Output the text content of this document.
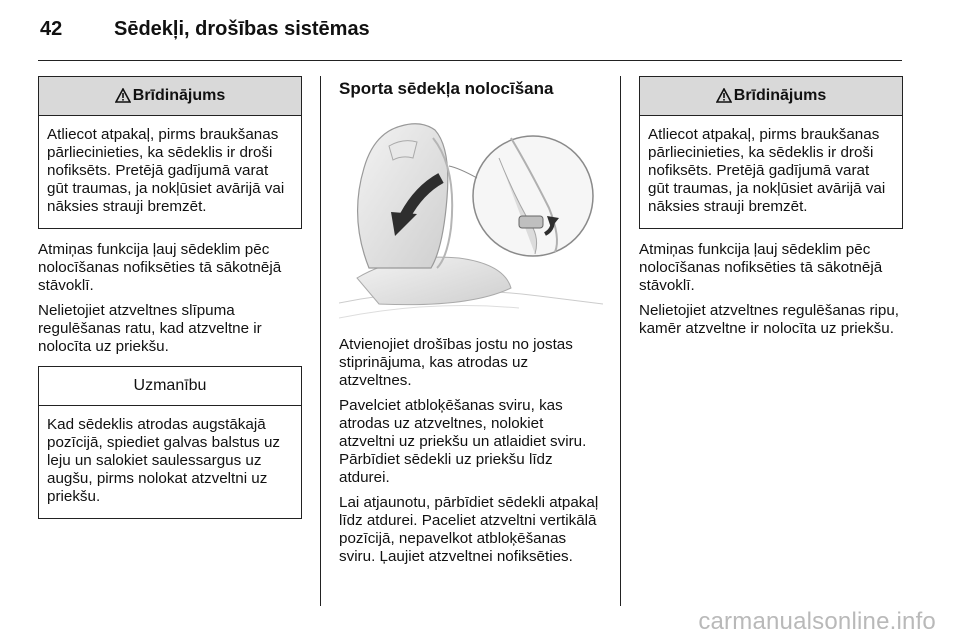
42	Sēdekļi, drošības sistēmas
Brīdinājums
Atliecot atpakaļ, pirms braukšanas pārliecinieties, ka sēdeklis ir droši nofiksēts. Pretējā gadījumā varat gūt traumas, ja nokļūsiet avārijā vai nāksies strauji bremzēt.

Atmiņas funkcija ļauj sēdeklim pēc nolocīšanas nofiksēties tā sākotnējā stāvoklī.

Nelietojiet atzveltnes slīpuma regulēšanas ratu, kad atzveltne ir nolocīta uz priekšu.

Uzmanību
Kad sēdeklis atrodas augstākajā pozīcijā, spiediet galvas balstus uz leju un salokiet saulessargus uz augšu, pirms nolokat atzveltni uz priekšu.
Sporta sēdekļa nolocīšana

Atvienojiet drošības jostu no jostas stiprinājuma, kas atrodas uz atzveltnes.

Pavelciet atbloķēšanas sviru, kas atrodas uz atzveltnes, nolokiet atzveltni uz priekšu un atlaidiet sviru. Pārbīdiet sēdekli uz priekšu līdz atdurei.

Lai atjaunotu, pārbīdiet sēdekli atpakaļ līdz atdurei. Paceliet atzveltni vertikālā pozīcijā, nepavelkot atbloķēšanas sviru. Ļaujiet atzveltnei nofiksēties.

Brīdinājums
Atliecot atpakaļ, pirms braukšanas pārliecinieties, ka sēdeklis ir droši nofiksēts. Pretējā gadījumā varat gūt traumas, ja nokļūsiet avārijā vai nāksies strauji bremzēt.

Atmiņas funkcija ļauj sēdeklim pēc nolocīšanas nofiksēties tā sākotnējā stāvoklī.

Nelietojiet atzveltnes regulēšanas ripu, kamēr atzveltne ir nolocīta uz priekšu.

carmanualsonline.info
